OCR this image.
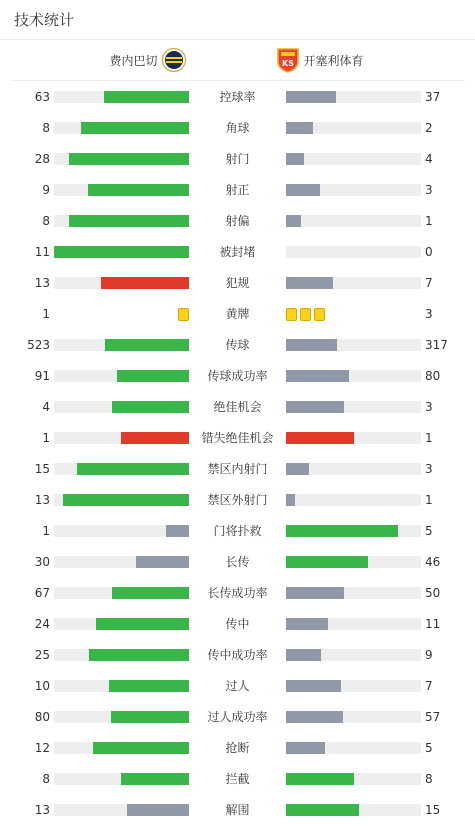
技术统计
费内巴切	KS 开塞利体育
63	控球率	37
8	角球	2
28	射门	4
9	射正	3
8	射偏	1
11	被封堵	0
13	犯规	7
1	黄牌	3
523	传球	317
91	传球成功率	80
4	绝佳机会	3
1	错失绝佳机会	1
15	禁区内射门	3
13	禁区外射门	1
1	门将扑救	5
30	长传	46
67	长传成功率	50
24	传中	11
25	传中成功率	9
10	过人	7
80	过人成功率	57
12	抢断	5
8	拦截	8
13	解围	15
